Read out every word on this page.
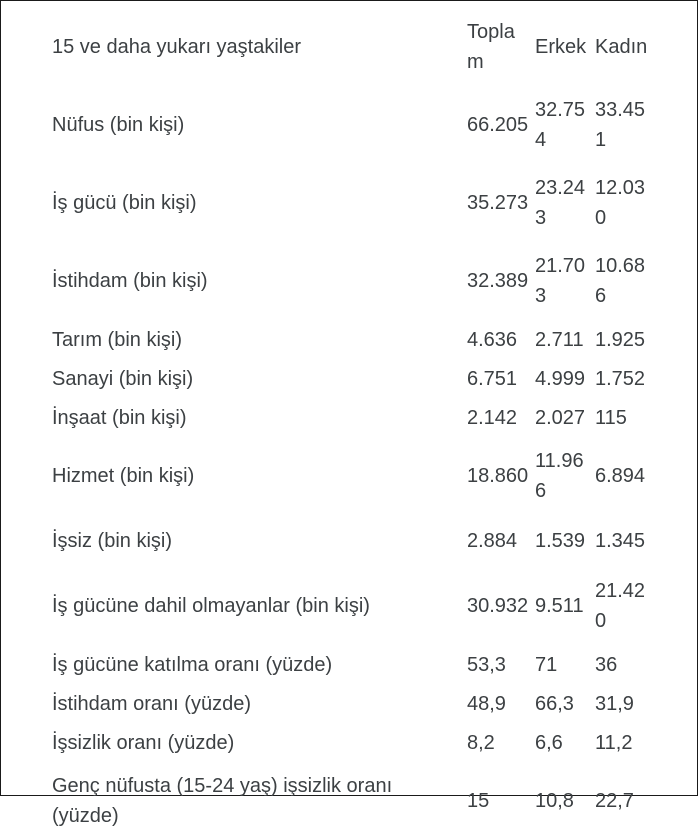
15 ve daha yukarı yaştakiler	Toplam	Erkek	Kadın
Nüfus (bin kişi)	66.205	32.754	33.451
İş gücü (bin kişi)	35.273	23.243	12.030
İstihdam (bin kişi)	32.389	21.703	10.686
Tarım (bin kişi)	4.636	2.711	1.925
Sanayi (bin kişi)	6.751	4.999	1.752
İnşaat (bin kişi)	2.142	2.027	115
Hizmet (bin kişi)	18.860	11.966	6.894
İşsiz (bin kişi)	2.884	1.539	1.345
İş gücüne dahil olmayanlar (bin kişi)	30.932	9.511	21.420
İş gücüne katılma oranı (yüzde)	53,3	71	36
İstihdam oranı (yüzde)	48,9	66,3	31,9
İşsizlik oranı (yüzde)	8,2	6,6	11,2
Genç nüfusta (15-24 yaş) işsizlik oranı (yüzde)	15	10,8	22,7
